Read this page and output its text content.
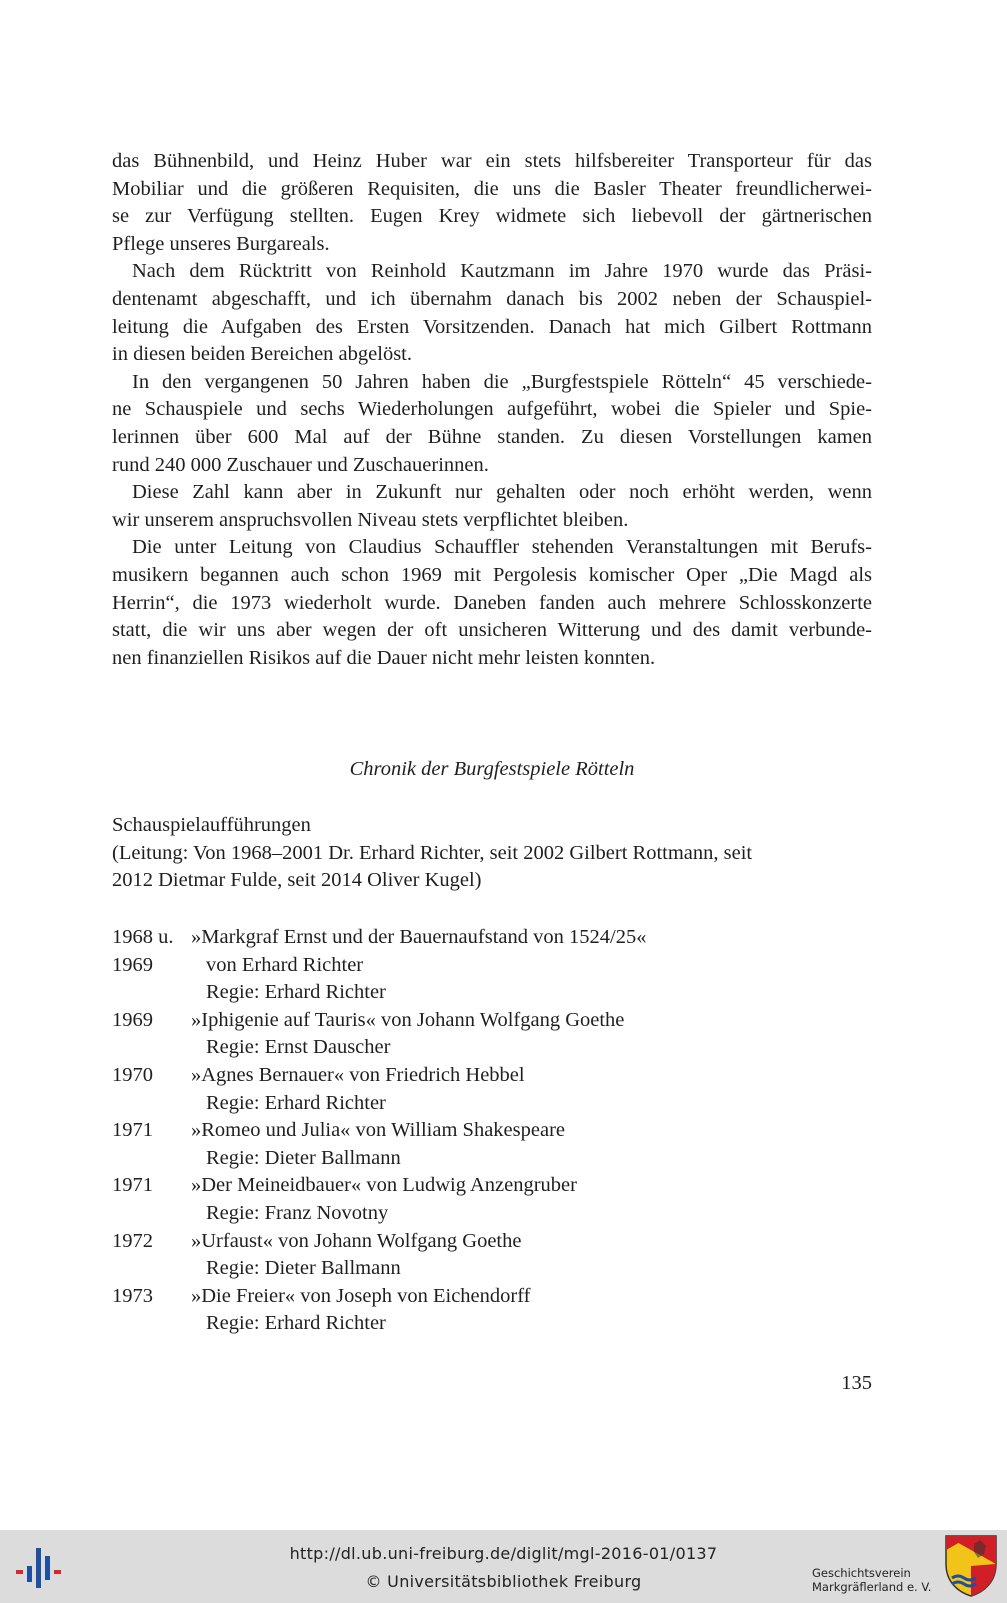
das Bühnenbild, und Heinz Huber war ein stets hilfsbereiter Transporteur für das
Mobiliar und die größeren Requisiten, die uns die Basler Theater freundlicherwei-
se zur Verfügung stellten. Eugen Krey widmete sich liebevoll der gärtnerischen
Pflege unseres Burgareals.
Nach dem Rücktritt von Reinhold Kautzmann im Jahre 1970 wurde das Präsi-
dentenamt abgeschafft, und ich übernahm danach bis 2002 neben der Schauspiel-
leitung die Aufgaben des Ersten Vorsitzenden. Danach hat mich Gilbert Rottmann
in diesen beiden Bereichen abgelöst.
In den vergangenen 50 Jahren haben die „Burgfestspiele Rötteln“ 45 verschiede-
ne Schauspiele und sechs Wiederholungen aufgeführt, wobei die Spieler und Spie-
lerinnen über 600 Mal auf der Bühne standen. Zu diesen Vorstellungen kamen
rund 240 000 Zuschauer und Zuschauerinnen.
Diese Zahl kann aber in Zukunft nur gehalten oder noch erhöht werden, wenn
wir unserem anspruchsvollen Niveau stets verpflichtet bleiben.
Die unter Leitung von Claudius Schauffler stehenden Veranstaltungen mit Berufs-
musikern begannen auch schon 1969 mit Pergolesis komischer Oper „Die Magd als
Herrin“, die 1973 wiederholt wurde. Daneben fanden auch mehrere Schlosskonzerte
statt, die wir uns aber wegen der oft unsicheren Witterung und des damit verbunde-
nen finanziellen Risikos auf die Dauer nicht mehr leisten konnten.
Chronik der Burgfestspiele Rötteln

Schauspielaufführungen

(Leitung: Von 1968–2001 Dr. Erhard Richter, seit 2002 Gilbert Rottmann, seit

2012 Dietmar Fulde, seit 2014 Oliver Kugel)

1968 u. »Markgraf Ernst und der Bauernaufstand von 1524/25«
1969	von Erhard Richter
Regie: Erhard Richter
1969	»Iphigenie auf Tauris« von Johann Wolfgang Goethe
Regie: Ernst Dauscher
1970	»Agnes Bernauer« von Friedrich Hebbel
Regie: Erhard Richter
1971	»Romeo und Julia« von William Shakespeare
Regie: Dieter Ballmann
1971	»Der Meineidbauer« von Ludwig Anzengruber
Regie: Franz Novotny
1972	»Urfaust« von Johann Wolfgang Goethe
Regie: Dieter Ballmann
1973	»Die Freier« von Joseph von Eichendorff
Regie: Erhard Richter
135
http://dl.ub.uni-freiburg.de/diglit/mgl-2016-01/0137
© Universitätsbibliothek Freiburg	Geschichtsverein
Markgräflerland e. V.
